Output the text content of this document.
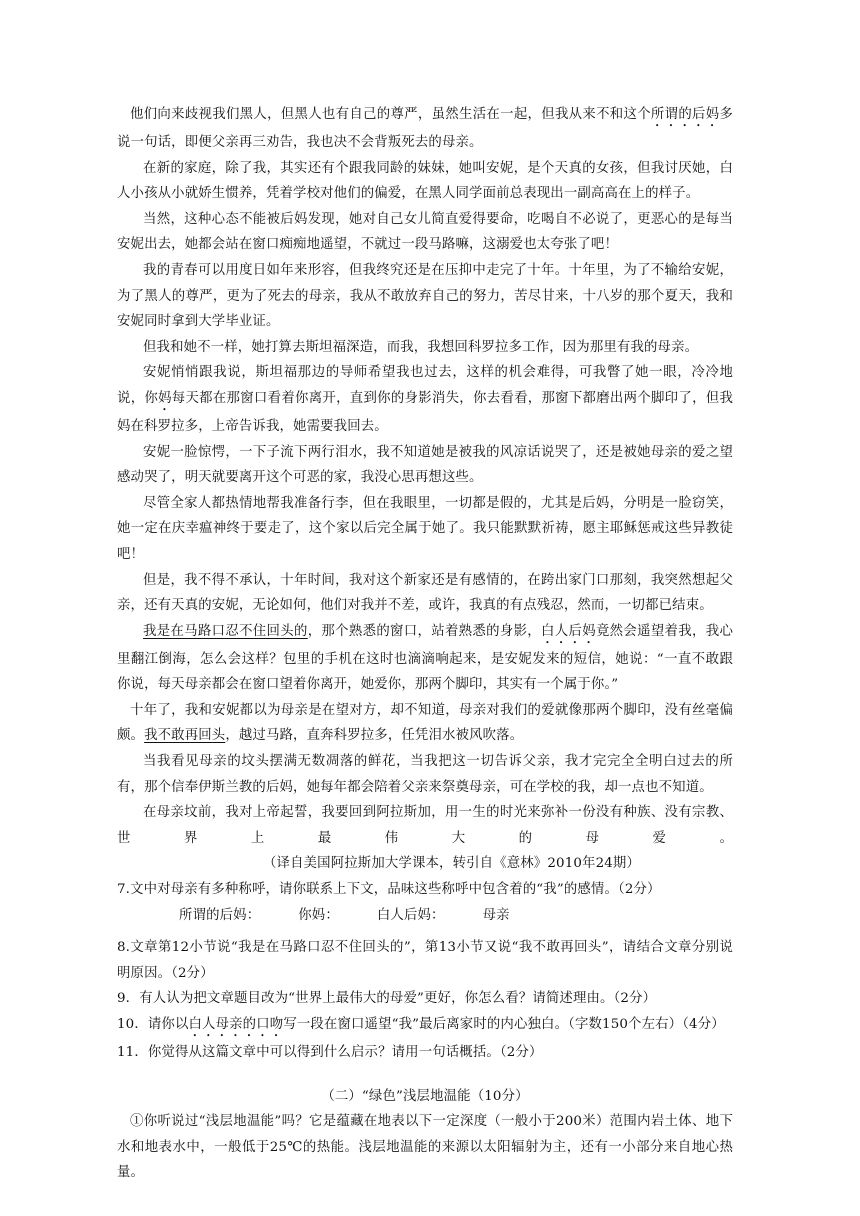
他们向来歧视我们黑人，但黑人也有自己的尊严，虽然生活在一起，但我从来不和这个所谓的后妈多说一句话，即便父亲再三劝告，我也决不会背叛死去的母亲。

在新的家庭，除了我，其实还有个跟我同龄的妹妹，她叫安妮，是个天真的女孩，但我讨厌她，白人小孩从小就娇生惯养，凭着学校对他们的偏爱，在黑人同学面前总表现出一副高高在上的样子。

当然，这种心态不能被后妈发现，她对自己女儿简直爱得要命，吃喝自不必说了，更恶心的是每当安妮出去，她都会站在窗口痴痴地遥望，不就过一段马路嘛，这溺爱也太夸张了吧！

我的青春可以用度日如年来形容，但我终究还是在压抑中走完了十年。十年里，为了不输给安妮，为了黑人的尊严，更为了死去的母亲，我从不敢放弃自己的努力，苦尽甘来，十八岁的那个夏天，我和安妮同时拿到大学毕业证。

但我和她不一样，她打算去斯坦福深造，而我，我想回科罗拉多工作，因为那里有我的母亲。

安妮悄悄跟我说，斯坦福那边的导师希望我也过去，这样的机会难得，可我瞥了她一眼，冷冷地说，你妈每天都在那窗口看着你离开，直到你的身影消失，你去看看，那窗下都磨出两个脚印了，但我妈在科罗拉多，上帝告诉我，她需要我回去。

安妮一脸惊愕，一下子流下两行泪水，我不知道她是被我的风凉话说哭了，还是被她母亲的爱之望感动哭了，明天就要离开这个可恶的家，我没心思再想这些。

尽管全家人都热情地帮我准备行李，但在我眼里，一切都是假的，尤其是后妈，分明是一脸窃笑，她一定在庆幸瘟神终于要走了，这个家以后完全属于她了。我只能默默祈祷，愿主耶稣惩戒这些异教徒吧！

但是，我不得不承认，十年时间，我对这个新家还是有感情的，在跨出家门口那刻，我突然想起父亲，还有天真的安妮，无论如何，他们对我并不差，或许，我真的有点残忍，然而，一切都已结束。

我是在马路口忍不住回头的，那个熟悉的窗口，站着熟悉的身影，白人后妈竟然会遥望着我，我心里翻江倒海，怎么会这样？包里的手机在这时也滴滴响起来，是安妮发来的短信，她说：“一直不敢跟你说，每天母亲都会在窗口望着你离开，她爱你，那两个脚印，其实有一个属于你。”

十年了，我和安妮都以为母亲是在望对方，却不知道，母亲对我们的爱就像那两个脚印，没有丝毫偏颇。我不敢再回头，越过马路，直奔科罗拉多，任凭泪水被风吹落。

当我看见母亲的坟头摆满无数凋落的鲜花，当我把这一切告诉父亲，我才完完全全明白过去的所有，那个信奉伊斯兰教的后妈，她每年都会陪着父亲来祭奠母亲，可在学校的我，却一点也不知道。

在母亲坟前，我对上帝起誓，我要回到阿拉斯加，用一生的时光来弥补一份没有种族、没有宗教、世界上最伟大的母爱。（译自美国阿拉斯加大学课本，转引自《意林》2010年24期）

7.文中对母亲有多种称呼，请你联系上下文，品味这些称呼中包含着的“我”的感情。（2分）

所谓的后妈：	你妈：	白人后妈：	母亲

8.文章第12小节说“我是在马路口忍不住回头的”，第13小节又说“我不敢再回头”，请结合文章分别说明原因。（2分）

9．有人认为把文章题目改为“世界上最伟大的母爱”更好，你怎么看？请简述理由。（2分）

10．请你以白人母亲的口吻写一段在窗口遥望“我”最后离家时的内心独白。（字数150个左右）（4分）

11．你觉得从这篇文章中可以得到什么启示？请用一句话概括。（2分）

（二）“绿色”浅层地温能（10分）

①你听说过“浅层地温能”吗？它是蕴藏在地表以下一定深度（一般小于200米）范围内岩土体、地下水和地表水中，一般低于25℃的热能。浅层地温能的来源以太阳辐射为主，还有一小部分来自地心热量。
